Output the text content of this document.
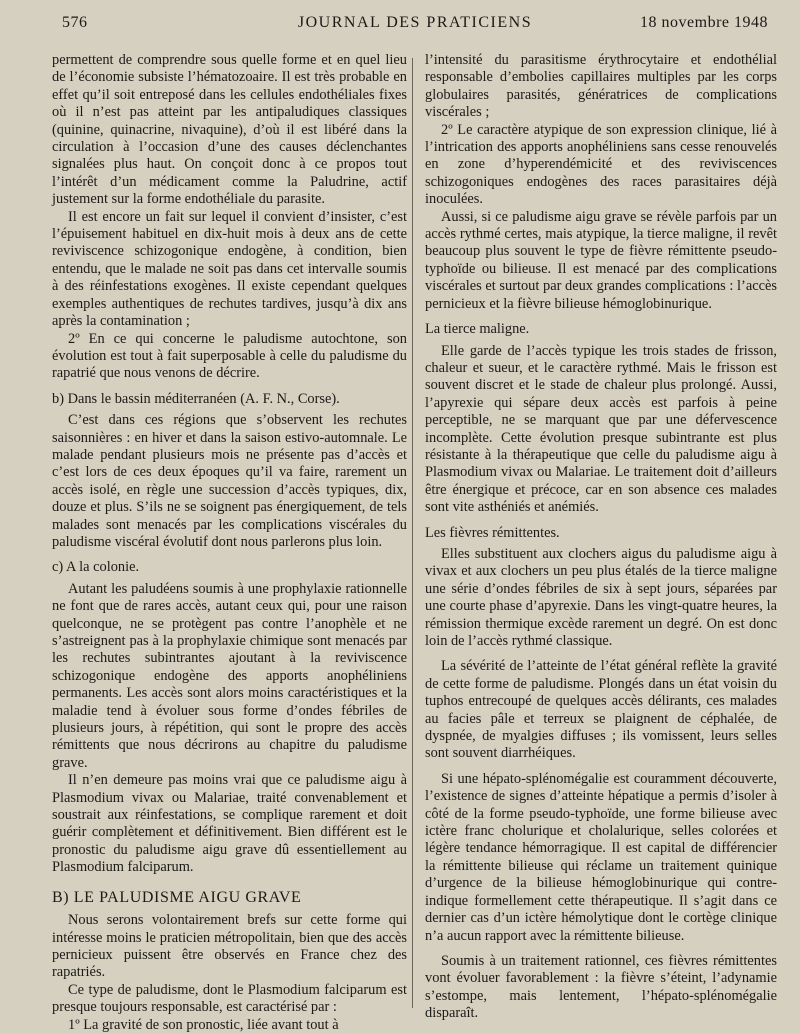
576	JOURNAL DES PRATICIENS	18 novembre 1948

permettent de comprendre sous quelle forme et en quel lieu de l’économie subsiste l’hématozoaire. Il est très probable en effet qu’il soit entreposé dans les cellules endothéliales fixes où il n’est pas atteint par les antipaludiques classiques (quinine, quinacrine, nivaquine), d’où il est libéré dans la circulation à l’occasion d’une des causes déclenchantes signalées plus haut. On conçoit donc à ce propos tout l’intérêt d’un médicament comme la Paludrine, actif justement sur la forme endothéliale du parasite.

Il est encore un fait sur lequel il convient d’insister, c’est l’épuisement habituel en dix-huit mois à deux ans de cette reviviscence schizogonique endogène, à condition, bien entendu, que le malade ne soit pas dans cet intervalle soumis à des réinfestations exogènes. Il existe cependant quelques exemples authentiques de rechutes tardives, jusqu’à dix ans après la contamination ;

2º En ce qui concerne le paludisme autochtone, son évolution est tout à fait superposable à celle du paludisme du rapatrié que nous venons de décrire.

b) Dans le bassin méditerranéen (A. F. N., Corse).

C’est dans ces régions que s’observent les rechutes saisonnières : en hiver et dans la saison estivo-automnale. Le malade pendant plusieurs mois ne présente pas d’accès et c’est lors de ces deux époques qu’il va faire, rarement un accès isolé, en règle une succession d’accès typiques, dix, douze et plus. S’ils ne se soignent pas énergiquement, de tels malades sont menacés par les complications viscérales du paludisme viscéral évolutif dont nous parlerons plus loin.

c) A la colonie.

Autant les paludéens soumis à une prophylaxie rationnelle ne font que de rares accès, autant ceux qui, pour une raison quelconque, ne se protègent pas contre l’anophèle et ne s’astreignent pas à la prophylaxie chimique sont menacés par les rechutes subintrantes ajoutant à la reviviscence schizogonique endogène des apports anophéliniens permanents. Les accès sont alors moins caractéristiques et la maladie tend à évoluer sous forme d’ondes fébriles de plusieurs jours, à répétition, qui sont le propre des accès rémittents que nous décrirons au chapitre du paludisme grave.

Il n’en demeure pas moins vrai que ce paludisme aigu à Plasmodium vivax ou Malariae, traité convenablement et soustrait aux réinfestations, se complique rarement et doit guérir complètement et définitivement. Bien différent est le pronostic du paludisme aigu grave dû essentiellement au Plasmodium falciparum.

B) LE PALUDISME AIGU GRAVE

Nous serons volontairement brefs sur cette forme qui intéresse moins le praticien métropolitain, bien que des accès pernicieux puissent être observés en France chez des rapatriés.

Ce type de paludisme, dont le Plasmodium falciparum est presque toujours responsable, est caractérisé par :

1º La gravité de son pronostic, liée avant tout à

l’intensité du parasitisme érythrocytaire et endothélial responsable d’embolies capillaires multiples par les corps globulaires parasités, génératrices de complications viscérales ;

2º Le caractère atypique de son expression clinique, lié à l’intrication des apports anophéliniens sans cesse renouvelés en zone d’hyperendémicité et des reviviscences schizogoniques endogènes des races parasitaires déjà inoculées.

Aussi, si ce paludisme aigu grave se révèle parfois par un accès rythmé certes, mais atypique, la tierce maligne, il revêt beaucoup plus souvent le type de fièvre rémittente pseudo-typhoïde ou bilieuse. Il est menacé par des complications viscérales et surtout par deux grandes complications : l’accès pernicieux et la fièvre bilieuse hémoglobinurique.

La tierce maligne.

Elle garde de l’accès typique les trois stades de frisson, chaleur et sueur, et le caractère rythmé. Mais le frisson est souvent discret et le stade de chaleur plus prolongé. Aussi, l’apyrexie qui sépare deux accès est parfois à peine perceptible, ne se marquant que par une défervescence incomplète. Cette évolution presque subintrante est plus résistante à la thérapeutique que celle du paludisme aigu à Plasmodium vivax ou Malariae. Le traitement doit d’ailleurs être énergique et précoce, car en son absence ces malades sont vite asthéniés et anémiés.

Les fièvres rémittentes.

Elles substituent aux clochers aigus du paludisme aigu à vivax et aux clochers un peu plus étalés de la tierce maligne une série d’ondes fébriles de six à sept jours, séparées par une courte phase d’apyrexie. Dans les vingt-quatre heures, la rémission thermique excède rarement un degré. On est donc loin de l’accès rythmé classique.

La sévérité de l’atteinte de l’état général reflète la gravité de cette forme de paludisme. Plongés dans un état voisin du tuphos entrecoupé de quelques accès délirants, ces malades au facies pâle et terreux se plaignent de céphalée, de dyspnée, de myalgies diffuses ; ils vomissent, leurs selles sont souvent diarrhéiques.

Si une hépato-splénomégalie est couramment découverte, l’existence de signes d’atteinte hépatique a permis d’isoler à côté de la forme pseudo-typhoïde, une forme bilieuse avec ictère franc cholurique et cholalurique, selles colorées et légère tendance hémorragique. Il est capital de différencier la rémittente bilieuse qui réclame un traitement quinique d’urgence de la bilieuse hémoglobinurique qui contre-indique formellement cette thérapeutique. Il s’agit dans ce dernier cas d’un ictère hémolytique dont le cortège clinique n’a aucun rapport avec la rémittente bilieuse.

Soumis à un traitement rationnel, ces fièvres rémittentes vont évoluer favorablement : la fièvre s’éteint, l’adynamie s’estompe, mais lentement, l’hépato-splénomégalie disparaît.
